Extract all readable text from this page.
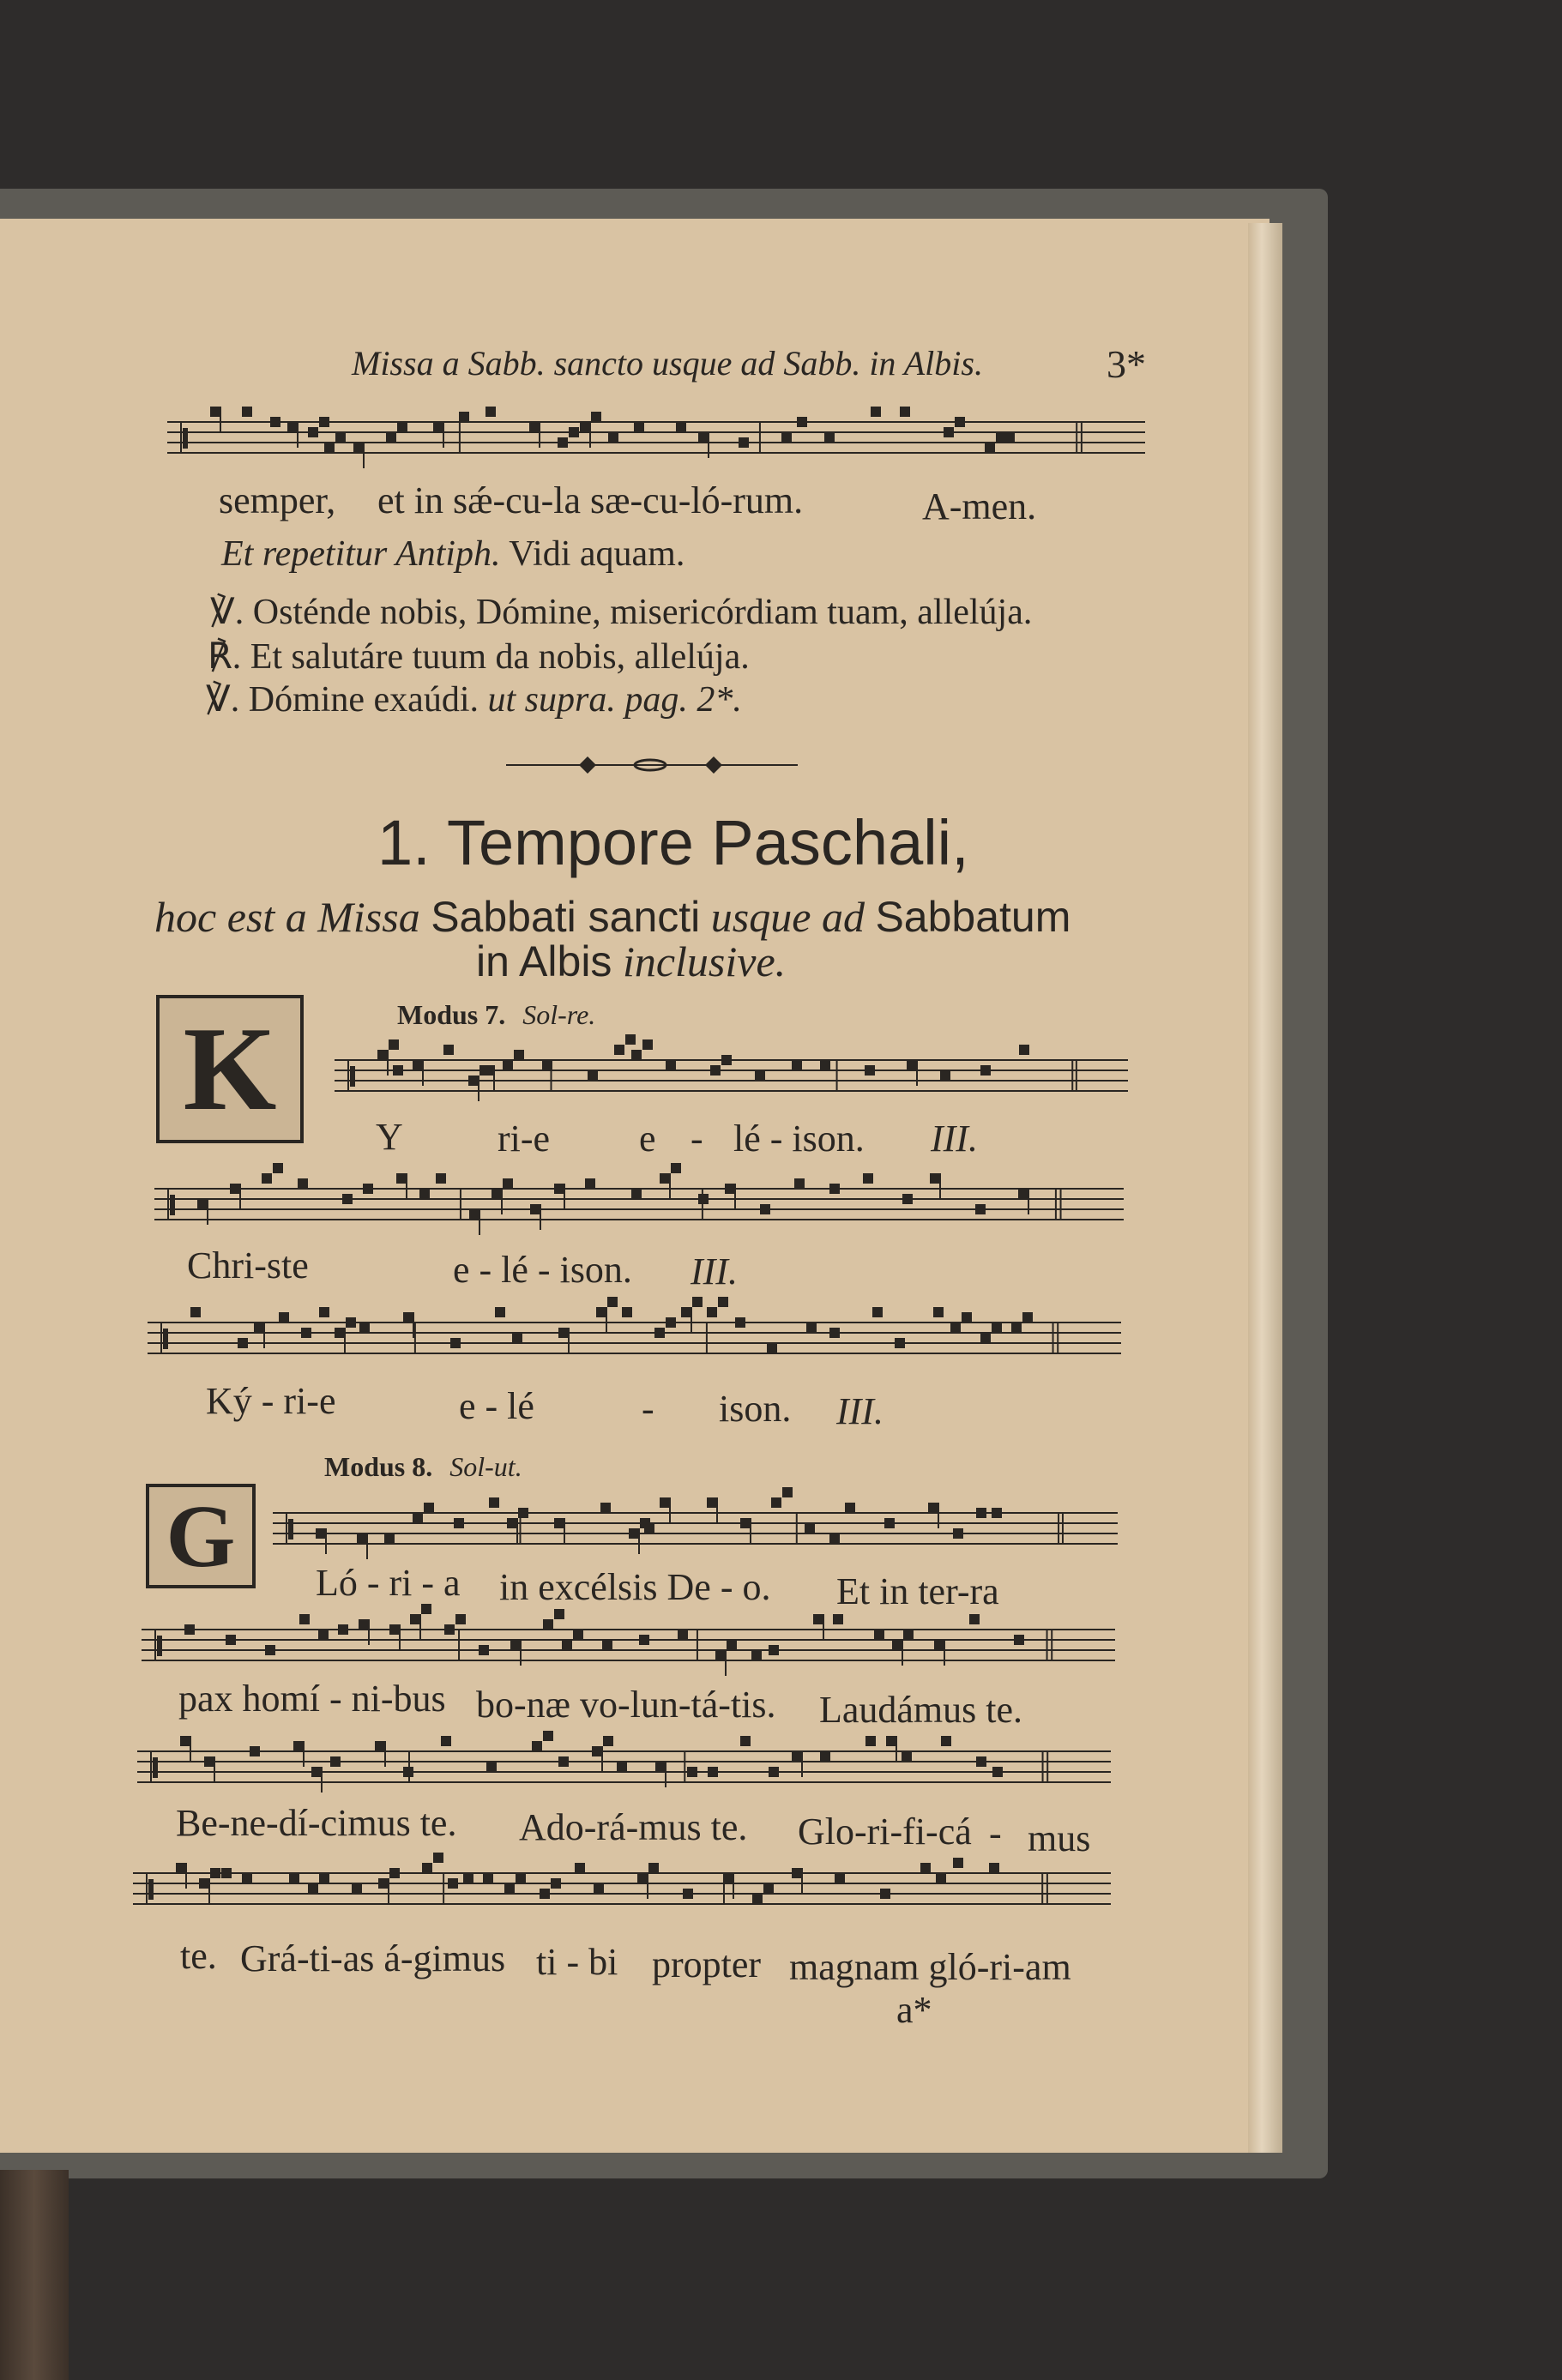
Missa a Sabb. sancto usque ad Sabb. in Albis.	3*
semper, et in sǽ-cu-la sæ-cu-ló-rum.	A-men.
Et repetitur Antiph. Vidi aquam.
℣. Osténde nobis, Dómine, misericórdiam tuam, allelúja.
℟. Et salutáre tuum da nobis, allelúja.
℣. Dómine exaúdi. ut supra. pag. 2*.
1. Tempore Paschali,
hoc est a Missa Sabbati sancti usque ad Sabbatum
in Albis inclusive.
K	Modus 7. Sol-re.
Y	ri-e e - lé - ison. III.
Chri-ste	e - lé - ison. III.
Ký - ri-e	e - lé	- ison. III.
Modus 8. Sol-ut.
G	Ló - ri - a in excélsis De - o. Et in ter-ra
pax homí - ni-bus bo-næ vo-lun-tá-tis. Laudámus te.
Be-ne-dí-cimus te. Ado-rá-mus te. Glo-ri-fi-cá - mus
te. Grá-ti-as á-gimus ti - bi propter magnam gló-ri-am
a*
